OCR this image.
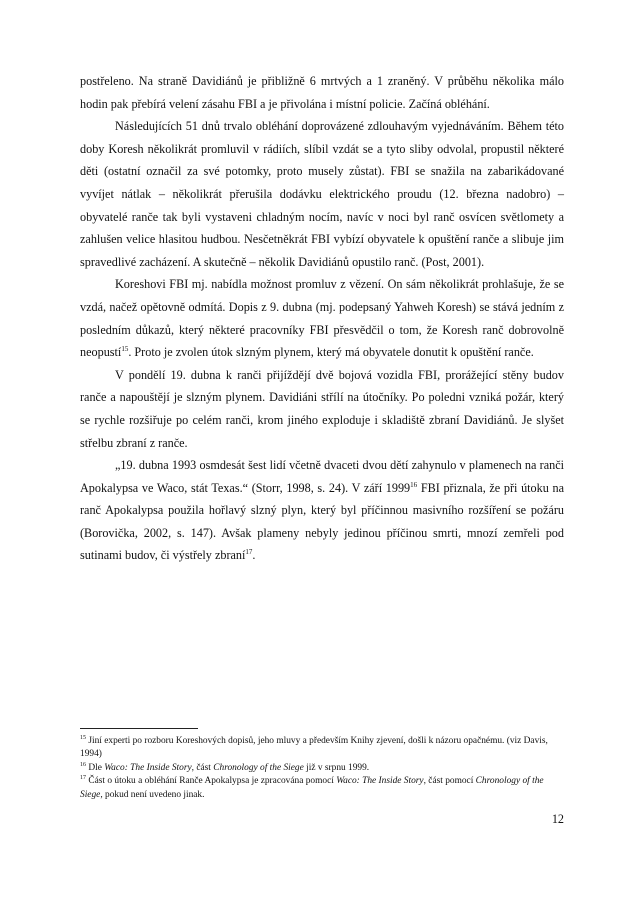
postřeleno. Na straně Davidiánů je přibližně 6 mrtvých a 1 zraněný. V průběhu několika málo hodin pak přebírá velení zásahu FBI a je přivolána i místní policie. Začíná obléhání.

Následujících 51 dnů trvalo obléhání doprovázené zdlouhavým vyjednáváním. Během této doby Koresh několikrát promluvil v rádiích, slíbil vzdát se a tyto sliby odvolal, propustil některé děti (ostatní označil za své potomky, proto musely zůstat). FBI se snažila na zabarikádované vyvíjet nátlak – několikrát přerušila dodávku elektrického proudu (12. března nadobro) – obyvatelé ranče tak byli vystaveni chladným nocím, navíc v noci byl ranč osvícen světlomety a zahlušen velice hlasitou hudbou. Nesčetněkrát FBI vybízí obyvatele k opuštění ranče a slibuje jim spravedlivé zacházení. A skutečně – několik Davidiánů opustilo ranč. (Post, 2001).

Koreshovi FBI mj. nabídla možnost promluv z vězení. On sám několikrát prohlašuje, že se vzdá, načež opětovně odmítá. Dopis z 9. dubna (mj. podepsaný Yahweh Koresh) se stává jedním z posledním důkazů, který některé pracovníky FBI přesvědčil o tom, že Koresh ranč dobrovolně neopustí$^{15}$. Proto je zvolen útok slzným plynem, který má obyvatele donutit k opuštění ranče.

V pondělí 19. dubna k ranči přijíždějí dvě bojová vozidla FBI, prorážející stěny budov ranče a napouštějí je slzným plynem. Davidiáni střílí na útočníky. Po poledni vzniká požár, který se rychle rozšiřuje po celém ranči, krom jiného exploduje i skladiště zbraní Davidiánů. Je slyšet střelbu zbraní z ranče.

„19. dubna 1993 osmdesát šest lidí včetně dvaceti dvou dětí zahynulo v plamenech na ranči Apokalypsa ve Waco, stát Texas.“ (Storr, 1998, s. 24). V září 1999$^{16}$ FBI přiznala, že při útoku na ranč Apokalypsa použila hořlavý slzný plyn, který byl příčinnou masivního rozšíření se požáru (Borovička, 2002, s. 147). Avšak plameny nebyly jedinou příčinou smrti, mnozí zemřeli pod sutinami budov, či výstřely zbraní$^{17}$.

$^{15}$ Jiní experti po rozboru Koreshových dopisů, jeho mluvy a především Knihy zjevení, došli k názoru opačnému. (viz Davis, 1994)

$^{16}$ Dle Waco: The Inside Story, část Chronology of the Siege již v srpnu 1999.

$^{17}$ Část o útoku a obléhání Ranče Apokalypsa je zpracována pomocí Waco: The Inside Story, část pomocí Chronology of the Siege, pokud není uvedeno jinak.

12
